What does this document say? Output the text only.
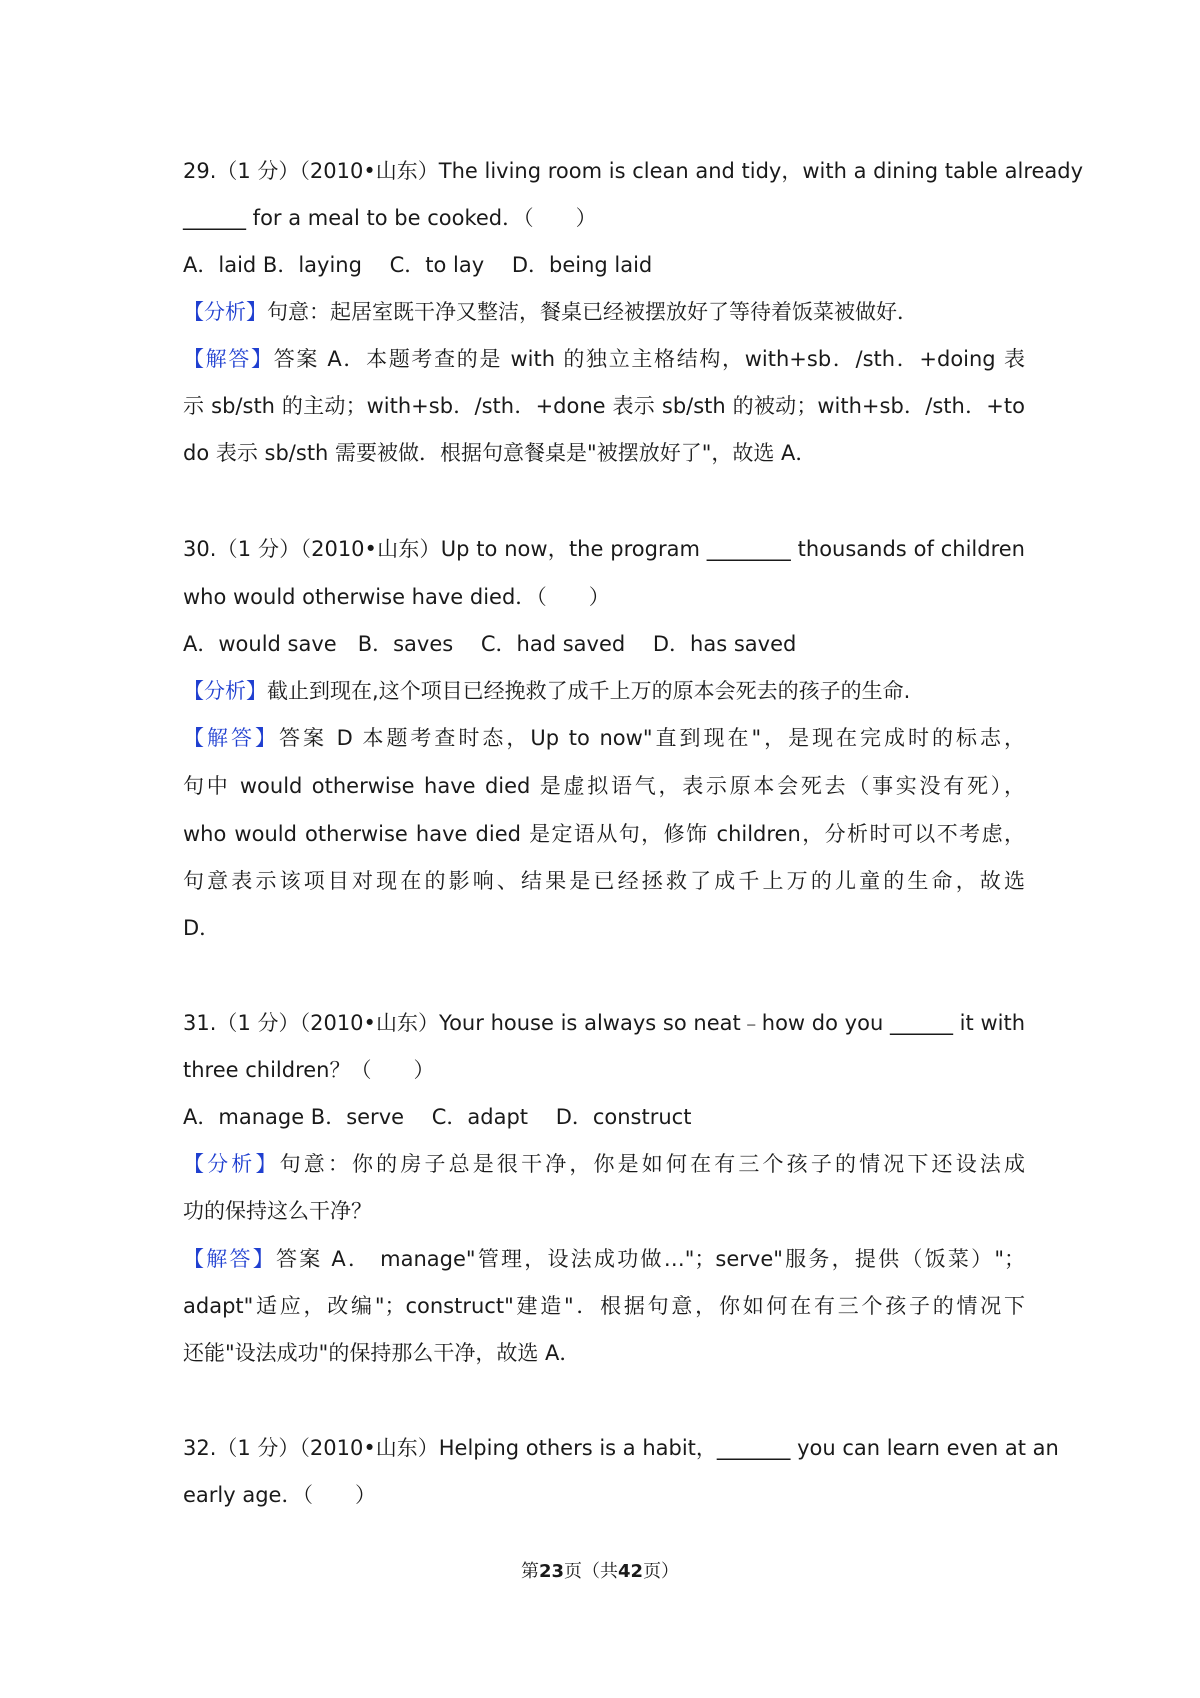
29.（1 分）（2010•山东）The living room is clean and tidy，with a dining table already
______ for a meal to be cooked．（　　）
A．laid B．laying　 C．to lay　 D．being laid
【分析】句意：起居室既干净又整洁，餐桌已经被摆放好了等待着饭菜被做好．
【解答】答案 A．本题考查的是 with 的独立主格结构，with+sb．/sth．+doing 表
示 sb/sth 的主动；with+sb．/sth．+done 表示 sb/sth 的被动；with+sb．/sth．+to
do 表示 sb/sth 需要被做．根据句意餐桌是"被摆放好了"，故选 A．
30.（1 分）（2010•山东）Up to now，the program ________ thousands of children
who would otherwise have died．（　　）
A．would save　B．saves　 C．had saved　 D．has saved
【分析】截止到现在,这个项目已经挽救了成千上万的原本会死去的孩子的生命.
【解答】答案 D 本题考查时态，Up to now"直到现在"，是现在完成时的标志，
句中 would otherwise have died 是虚拟语气，表示原本会死去（事实没有死），
who would otherwise have died 是定语从句，修饰 children，分析时可以不考虑，
句意表示该项目对现在的影响、结果是已经拯救了成千上万的儿童的生命，故选
D．
31.（1 分）（2010•山东）Your house is always so neat﹣how do you ______ it with
three children？（　　）
A．manage B．serve　 C．adapt　 D．construct
【分析】句意：你的房子总是很干净，你是如何在有三个孩子的情况下还设法成
功的保持这么干净？
【解答】答案 A． manage"管理，设法成功做…"；serve"服务，提供（饭菜）"；
adapt"适应，改编"；construct"建造"．根据句意，你如何在有三个孩子的情况下
还能"设法成功"的保持那么干净，故选 A．
32.（1 分）（2010•山东）Helping others is a habit，_______ you can learn even at an
early age．（　　）
第23页（共42页）
